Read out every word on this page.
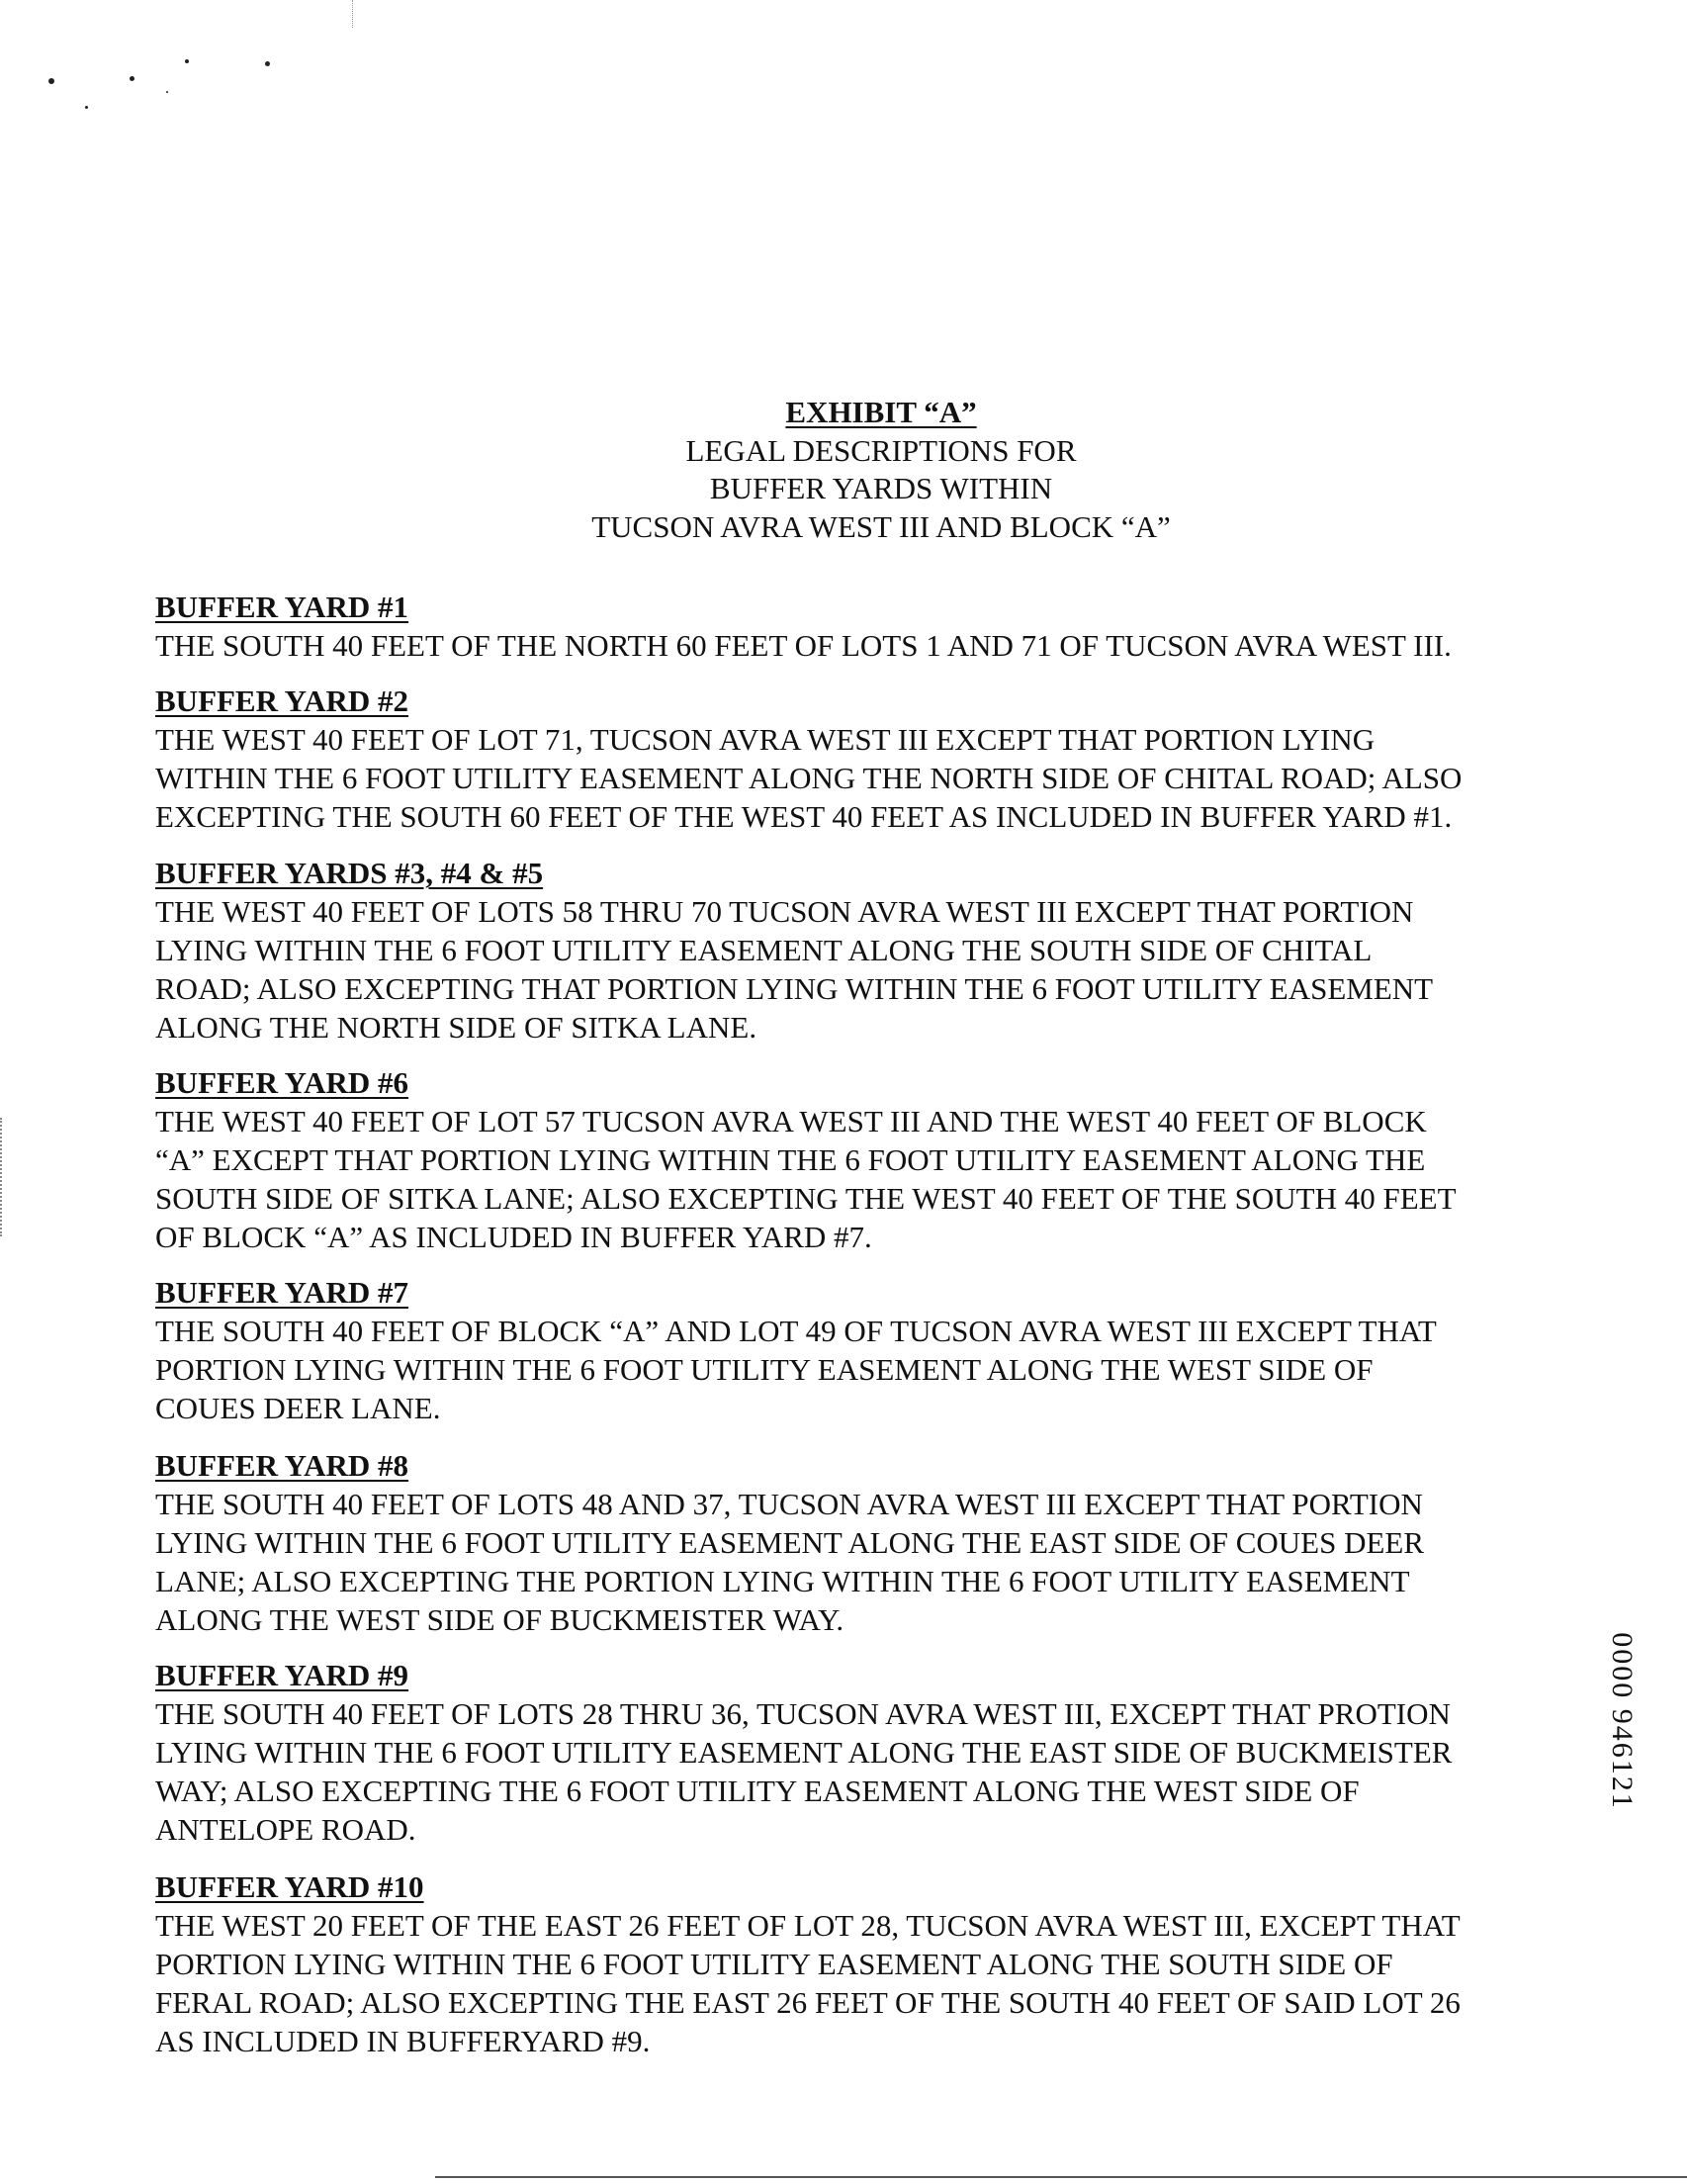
EXHIBIT “A”
LEGAL DESCRIPTIONS FOR
BUFFER YARDS WITHIN
TUCSON AVRA WEST III AND BLOCK “A”
BUFFER YARD #1
THE SOUTH 40 FEET OF THE NORTH 60 FEET OF LOTS 1 AND 71 OF TUCSON AVRA WEST III.
BUFFER YARD #2
THE WEST 40 FEET OF LOT 71, TUCSON AVRA WEST III EXCEPT THAT PORTION LYING
WITHIN THE 6 FOOT UTILITY EASEMENT ALONG THE NORTH SIDE OF CHITAL ROAD; ALSO
EXCEPTING THE SOUTH 60 FEET OF THE WEST 40 FEET AS INCLUDED IN BUFFER YARD #1.
BUFFER YARDS #3, #4 & #5
THE WEST 40 FEET OF LOTS 58 THRU 70 TUCSON AVRA WEST III EXCEPT THAT PORTION
LYING WITHIN THE 6 FOOT UTILITY EASEMENT ALONG THE SOUTH SIDE OF CHITAL
ROAD; ALSO EXCEPTING THAT PORTION LYING WITHIN THE 6 FOOT UTILITY EASEMENT
ALONG THE NORTH SIDE OF SITKA LANE.
BUFFER YARD #6
THE WEST 40 FEET OF LOT 57 TUCSON AVRA WEST III AND THE WEST 40 FEET OF BLOCK
“A” EXCEPT THAT PORTION LYING WITHIN THE 6 FOOT UTILITY EASEMENT ALONG THE
SOUTH SIDE OF SITKA LANE; ALSO EXCEPTING THE WEST 40 FEET OF THE SOUTH 40 FEET
OF BLOCK “A” AS INCLUDED IN BUFFER YARD #7.
BUFFER YARD #7
THE SOUTH 40 FEET OF BLOCK “A” AND LOT 49 OF TUCSON AVRA WEST III EXCEPT THAT
PORTION LYING WITHIN THE 6 FOOT UTILITY EASEMENT ALONG THE WEST SIDE OF
COUES DEER LANE.
BUFFER YARD #8
THE SOUTH 40 FEET OF LOTS 48 AND 37, TUCSON AVRA WEST III EXCEPT THAT PORTION
LYING WITHIN THE 6 FOOT UTILITY EASEMENT ALONG THE EAST SIDE OF COUES DEER
LANE; ALSO EXCEPTING THE PORTION LYING WITHIN THE 6 FOOT UTILITY EASEMENT
ALONG THE WEST SIDE OF BUCKMEISTER WAY.
BUFFER YARD #9
THE SOUTH 40 FEET OF LOTS 28 THRU 36, TUCSON AVRA WEST III, EXCEPT THAT PROTION
LYING WITHIN THE 6 FOOT UTILITY EASEMENT ALONG THE EAST SIDE OF BUCKMEISTER
WAY; ALSO EXCEPTING THE 6 FOOT UTILITY EASEMENT ALONG THE WEST SIDE OF
ANTELOPE ROAD.
BUFFER YARD #10
THE WEST 20 FEET OF THE EAST 26 FEET OF LOT 28, TUCSON AVRA WEST III, EXCEPT THAT
PORTION LYING WITHIN THE 6 FOOT UTILITY EASEMENT ALONG THE SOUTH SIDE OF
FERAL ROAD; ALSO EXCEPTING THE EAST 26 FEET OF THE SOUTH 40 FEET OF SAID LOT 26
AS INCLUDED IN BUFFERYARD #9.
0000 946121
